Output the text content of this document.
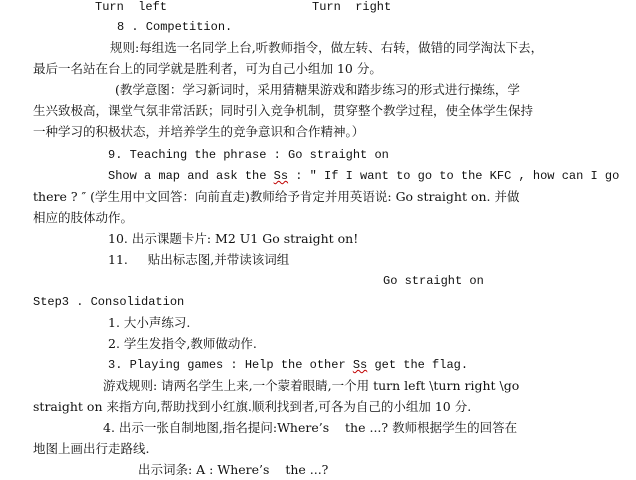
Turn  left	Turn  right
8 . Competition.
规则:每组选一名同学上台,听教师指令，做左转、右转，做错的同学淘汰下去，
最后一名站在台上的同学就是胜利者，可为自己小组加 10 分。
(教学意图：学习新词时，采用猜糖果游戏和踏步练习的形式进行操练，学
生兴致极高，课堂气氛非常活跃；同时引入竞争机制，贯穿整个教学过程，使全体学生保持
一种学习的积极状态，并培养学生的竞争意识和合作精神。）
9. Teaching the phrase : Go straight on
Show a map and ask the Ss : ″ If I want to go to the KFC , how can I go
there ? ″ (学生用中文回答：向前直走)教师给予肯定并用英语说: Go straight on. 并做
相应的肢体动作。
10. 出示课题卡片: M2 U1 Go straight on!
11.     贴出标志图,并带读该词组
Go straight on
Step3 . Consolidation
1. 大小声练习.
2. 学生发指令,教师做动作.
3. Playing games : Help the other Ss get the flag.
游戏规则: 请两名学生上来,一个蒙着眼睛,一个用 turn left \turn right \go
straight on 来指方向,帮助找到小红旗.顺利找到者,可各为自己的小组加 10 分.
4. 出示一张自制地图,指名提问:Where’s    the ...? 教师根据学生的回答在
地图上画出行走路线.
出示词条: A : Where’s    the ...?
